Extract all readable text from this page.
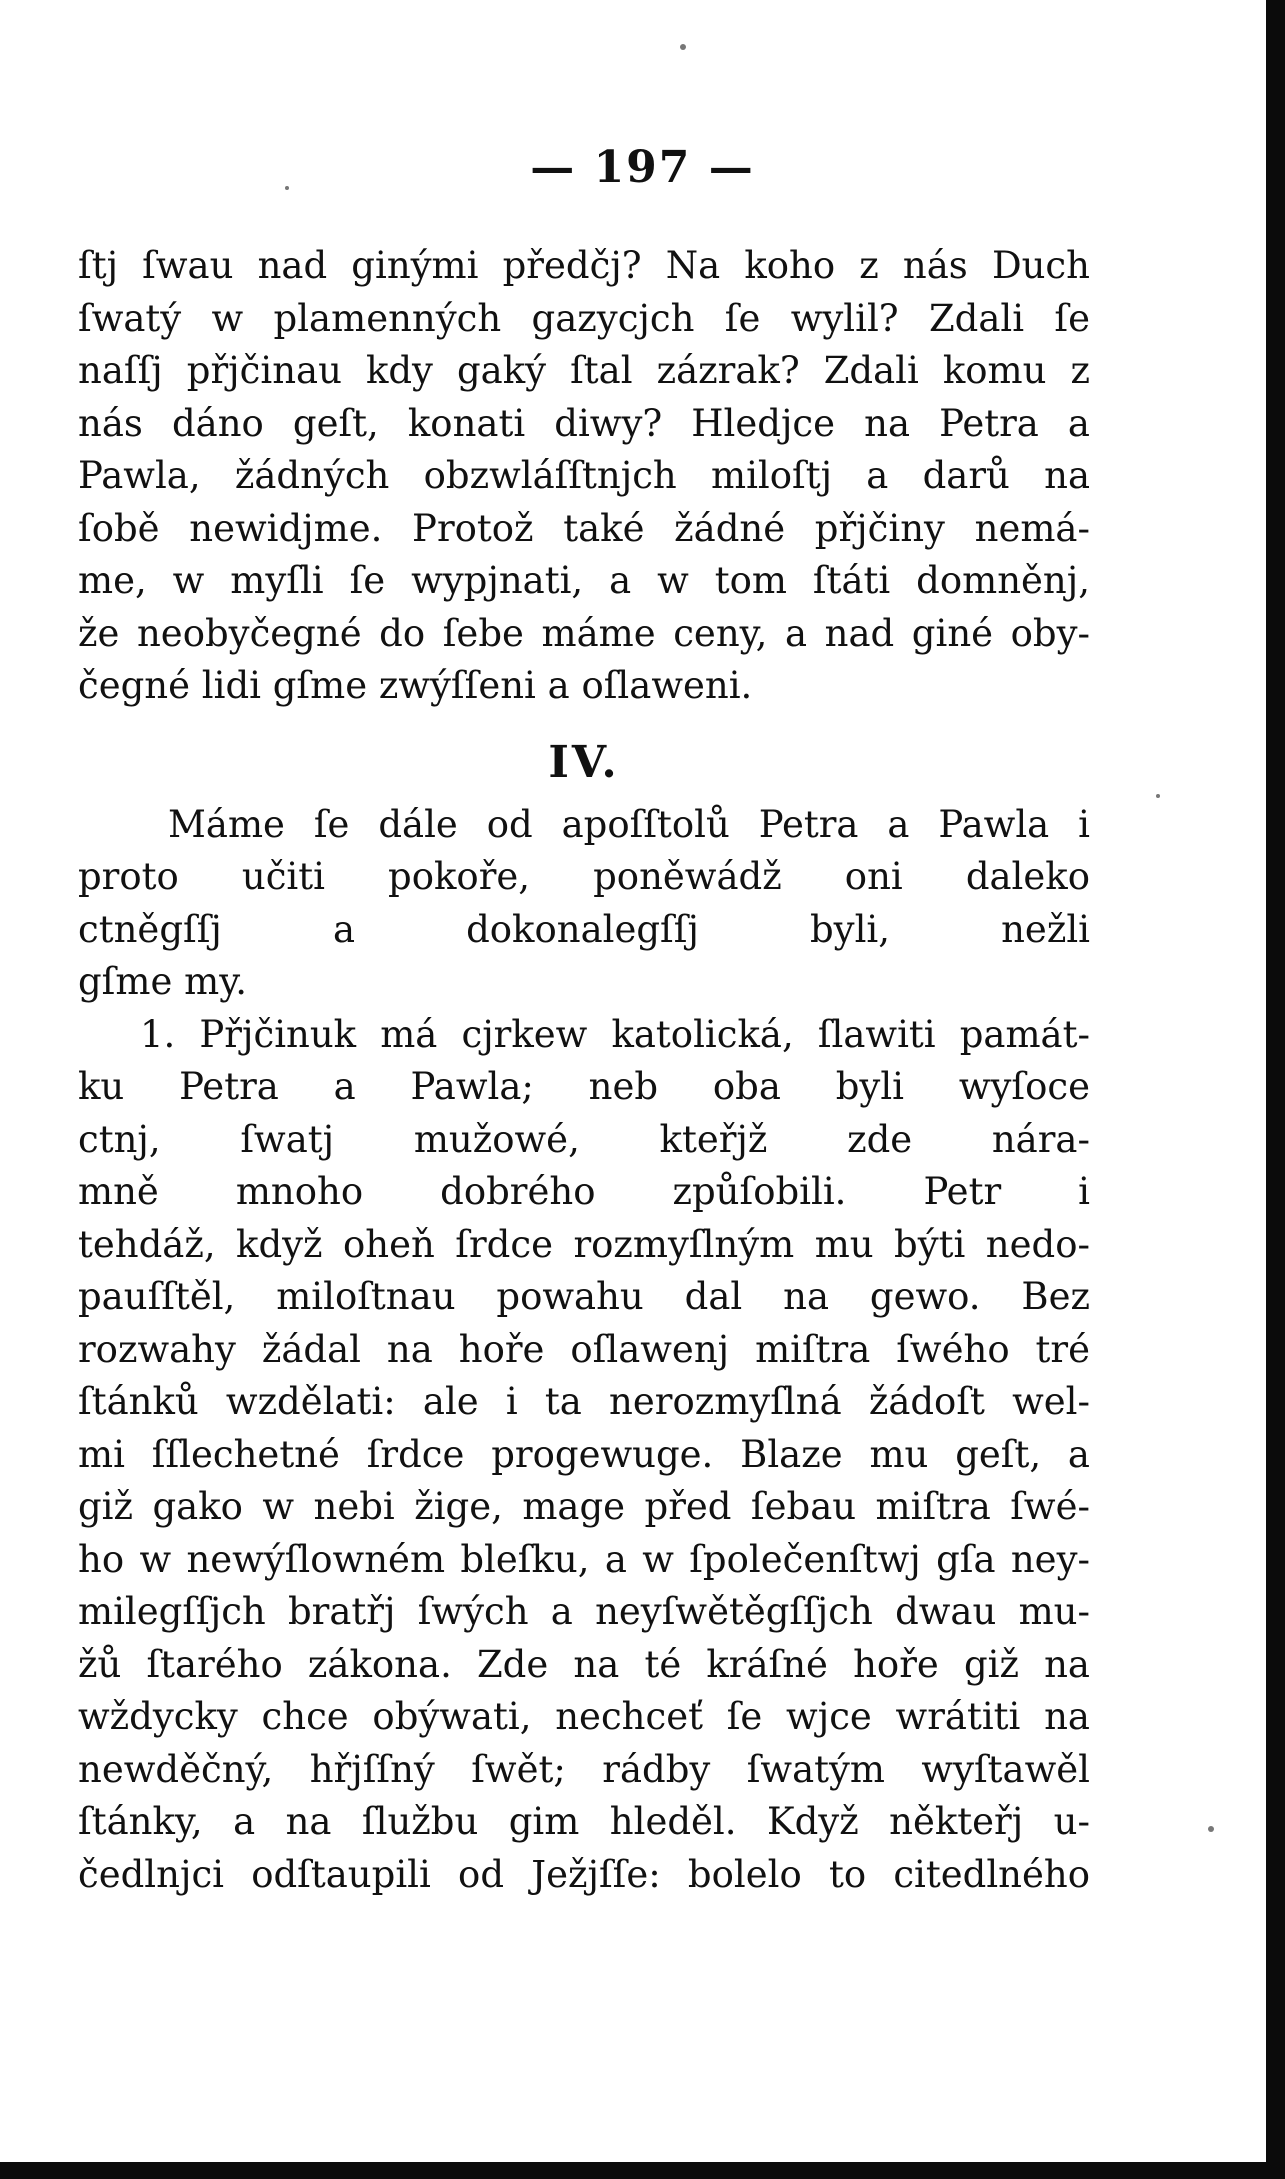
— 197 —
ſtj ſwau nad ginými předčj? Na koho z nás Duch
ſwatý w plamenných gazycjch ſe wylil? Zdali ſe
naſſj přjčinau kdy gaký ſtal zázrak? Zdali komu z
nás dáno geſt, konati diwy? Hledjce na Petra a
Pawla, žádných obzwláſſtnjch miloſtj a darů na
ſobě newidjme. Protož také žádné přjčiny nemá-
me, w myſli ſe wypjnati, a w tom ſtáti domněnj,
že neobyčegné do ſebe máme ceny, a nad giné oby-
čegné lidi gſme zwýſſeni a oſlaweni.
IV.
Máme ſe dále od apoſſtolů Petra a Pawla i
proto učiti pokoře, poněwádž oni daleko
ctněgſſj a dokonalegſſj byli, nežli
gſme my.
1. Přjčinuk má cjrkew katolická, ſlawiti památ-
ku Petra a Pawla; neb oba byli wyſoce
ctnj, ſwatj mužowé, kteřjž zde nára-
mně mnoho dobrého způſobili. Petr i
tehdáž, když oheň ſrdce rozmyſlným mu býti nedo-
pauſſtěl, miloſtnau powahu dal na gewo. Bez
rozwahy žádal na hoře oſlawenj miſtra ſwého tré
ſtánků wzdělati: ale i ta nerozmyſlná žádoſt wel-
mi ſſlechetné ſrdce progewuge. Blaze mu geſt, a
giž gako w nebi žige, mage před ſebau miſtra ſwé-
ho w newýſlowném bleſku, a w ſpolečenſtwj gſa ney-
milegſſjch bratřj ſwých a neyſwětěgſſjch dwau mu-
žů ſtarého zákona. Zde na té kráſné hoře giž na
wždycky chce obýwati, nechceť ſe wjce wrátiti na
newděčný, hřjſſný ſwět; rádby ſwatým wyſtawěl
ſtánky, a na ſlužbu gim hleděl. Když někteřj u-
čedlnjci odſtaupili od Ježjſſe: bolelo to citedlného
